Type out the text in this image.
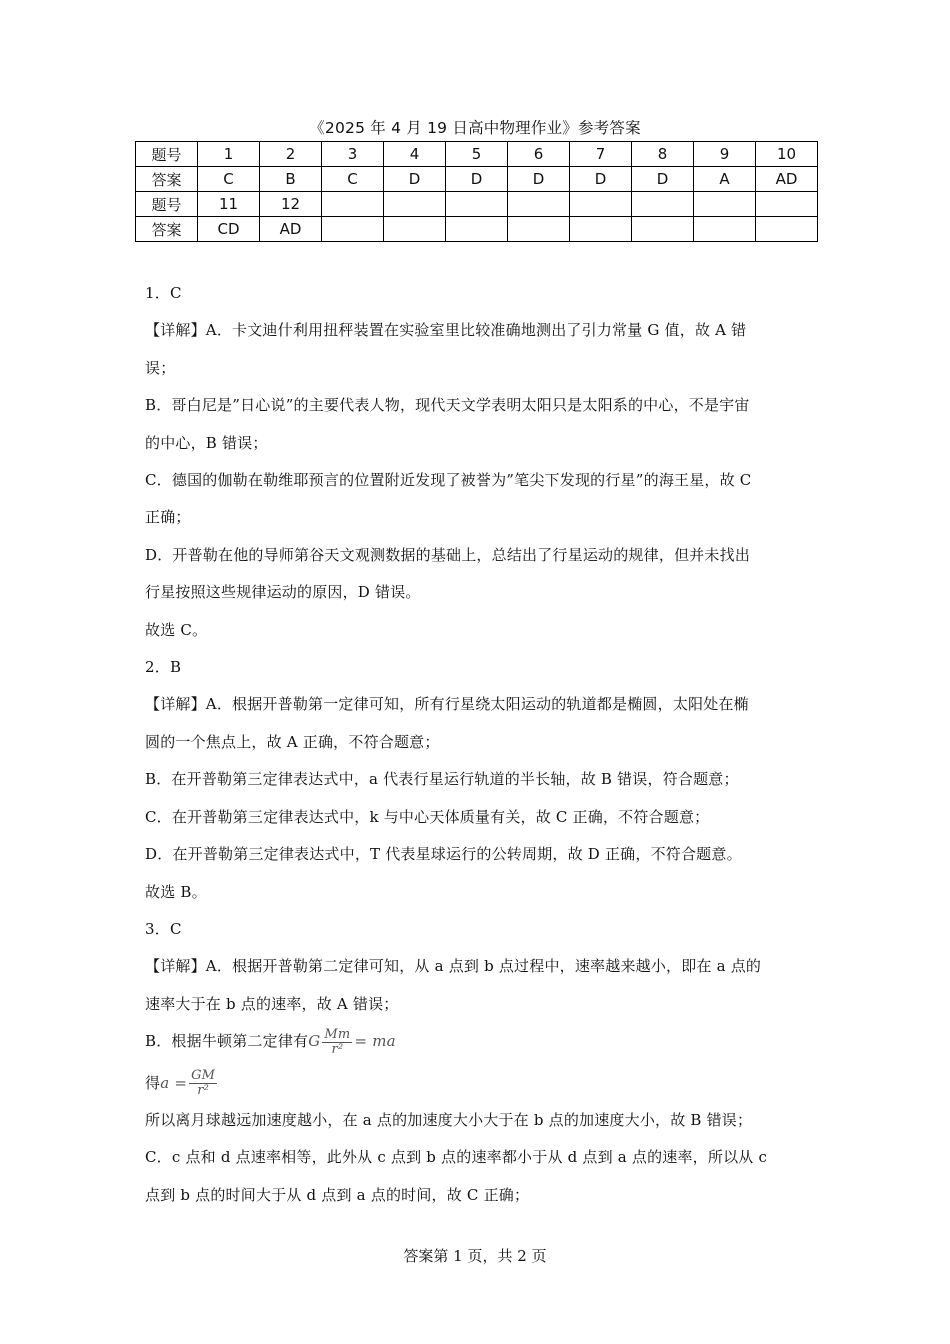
《2025 年 4 月 19 日高中物理作业》参考答案
题号	1	2	3	4	5	6	7	8	9	10
答案	C	B	C	D	D	D	D	D	A	AD
题号	11	12								
答案	CD	AD								

1．C

【详解】A．卡文迪什利用扭秤装置在实验室里比较准确地测出了引力常量 G 值，故 A 错

误；

B．哥白尼是”日心说”的主要代表人物，现代天文学表明太阳只是太阳系的中心，不是宇宙

的中心，B 错误；

C．德国的伽勒在勒维耶预言的位置附近发现了被誉为”笔尖下发现的行星”的海王星，故 C

正确；

D．开普勒在他的导师第谷天文观测数据的基础上，总结出了行星运动的规律，但并未找出

行星按照这些规律运动的原因，D 错误。

故选 C。

2．B

【详解】A．根据开普勒第一定律可知，所有行星绕太阳运动的轨道都是椭圆，太阳处在椭

圆的一个焦点上，故 A 正确，不符合题意；

B．在开普勒第三定律表达式中，a 代表行星运行轨道的半长轴，故 B 错误，符合题意；

C．在开普勒第三定律表达式中，k 与中心天体质量有关，故 C 正确，不符合题意；

D．在开普勒第三定律表达式中，T 代表星球运行的公转周期，故 D 正确，不符合题意。

故选 B。

3．C

【详解】A．根据开普勒第二定律可知，从 a 点到 b 点过程中，速率越来越小，即在 a 点的

速率大于在 b 点的速率，故 A 错误；

B．根据牛顿第二定律有G $\frac{Mm}{\text{r²}}$ = ma

得$a = \frac{GM}{\text{r²}}$

所以离月球越远加速度越小，在 a 点的加速度大小大于在 b 点的加速度大小，故 B 错误；

C．c 点和 d 点速率相等，此外从 c 点到 b 点的速率都小于从 d 点到 a 点的速率，所以从 c

点到 b 点的时间大于从 d 点到 a 点的时间，故 C 正确；

答案第 1 页，共 2 页
